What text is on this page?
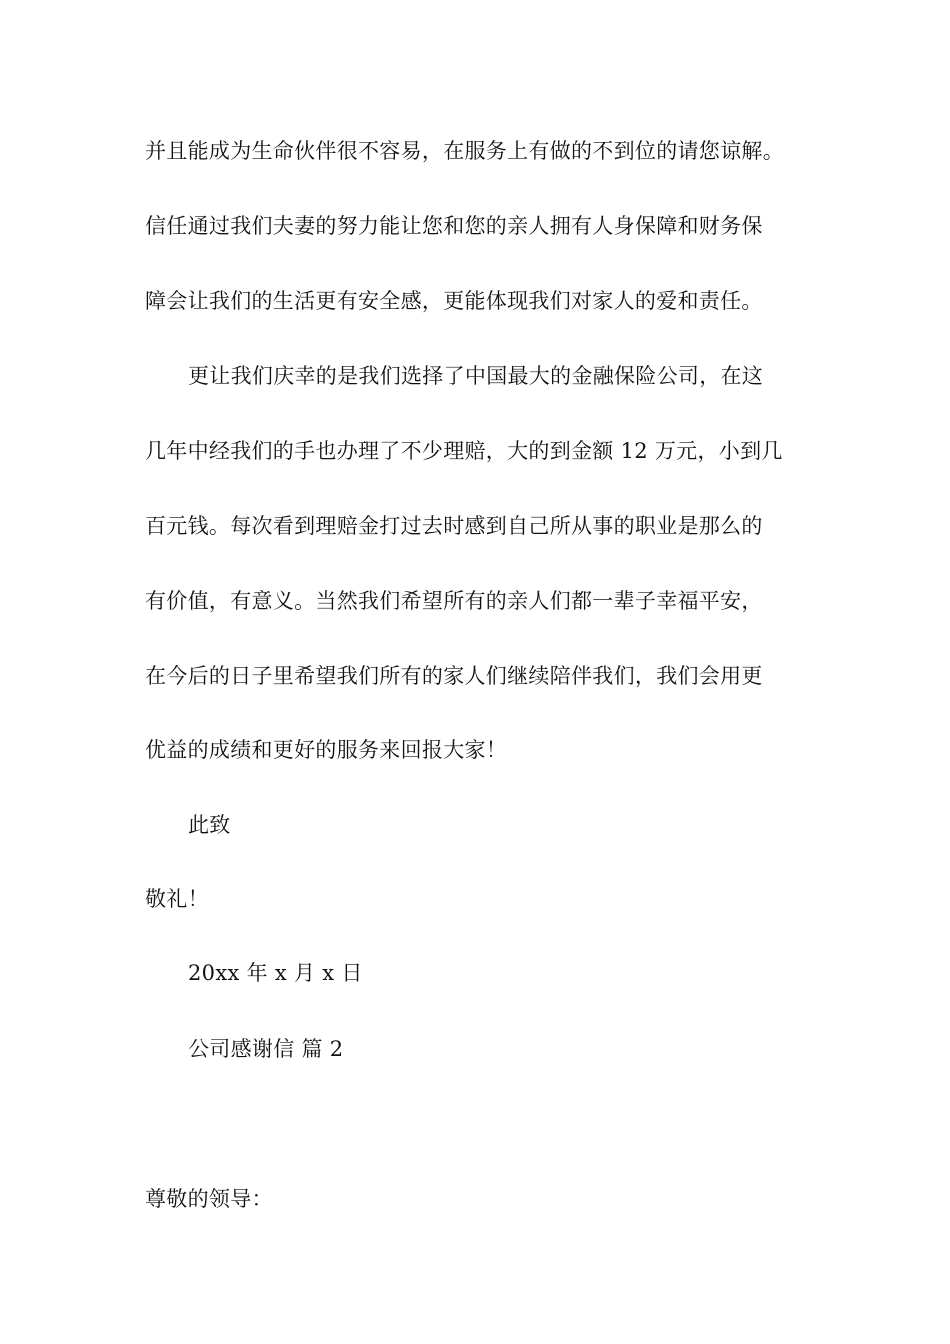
并且能成为生命伙伴很不容易，在服务上有做的不到位的请您谅解。
信任通过我们夫妻的努力能让您和您的亲人拥有人身保障和财务保
障会让我们的生活更有安全感，更能体现我们对家人的爱和责任。
更让我们庆幸的是我们选择了中国最大的金融保险公司，在这
几年中经我们的手也办理了不少理赔，大的到金额 12 万元，小到几
百元钱。每次看到理赔金打过去时感到自己所从事的职业是那么的
有价值，有意义。当然我们希望所有的亲人们都一辈子幸福平安，
在今后的日子里希望我们所有的家人们继续陪伴我们，我们会用更
优益的成绩和更好的服务来回报大家！
此致
敬礼！
20xx 年 x 月 x 日
公司感谢信 篇 2
尊敬的领导：
